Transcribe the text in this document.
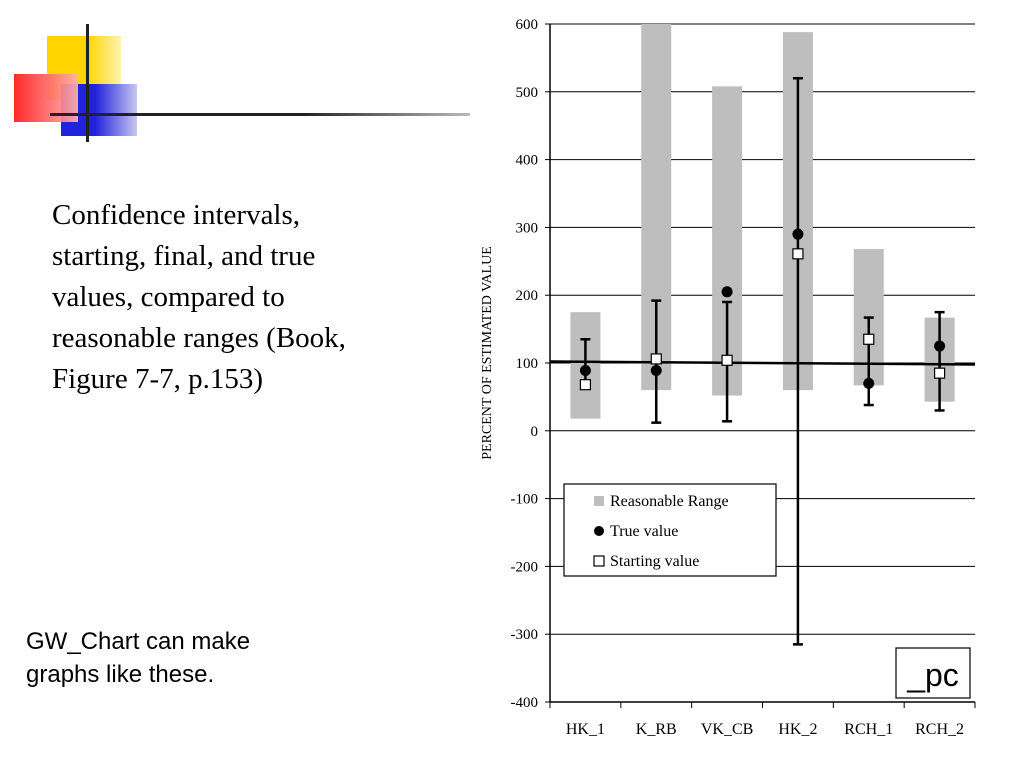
Confidence intervals, starting, final, and true values, compared to reasonable ranges (Book, Figure 7-7, p.153)

GW_Chart can make graphs like these.

-400
-300
-200
-100
0
100
200
300
400
500
600
HK_1 K_RB VK_CB HK_2 RCH_1 RCH_2
PERCENT OF ESTIMATED VALUE
Reasonable Range
True value
Starting value
_pc
